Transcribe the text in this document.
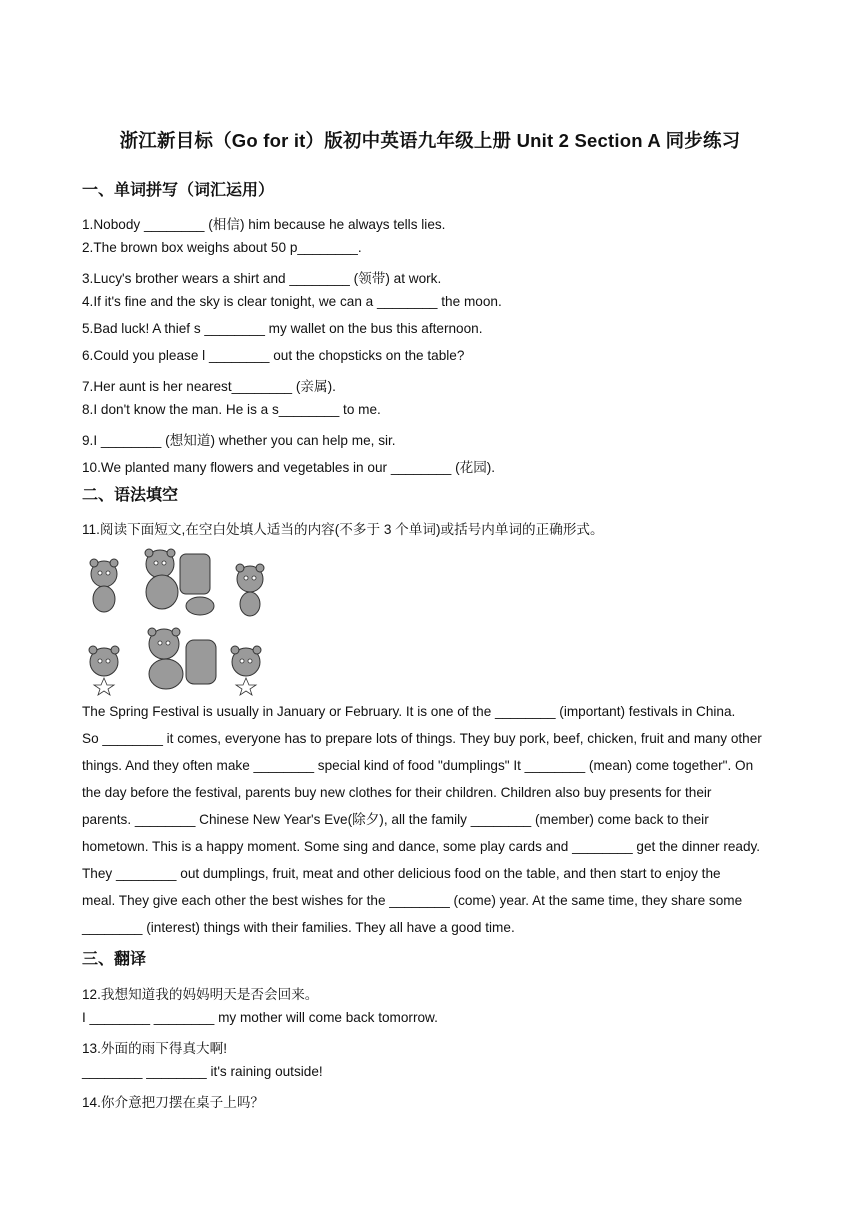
浙江新目标（Go for it）版初中英语九年级上册 Unit 2 Section A 同步练习
一、单词拼写（词汇运用）
1.Nobody ________ (相信) him because he always tells lies.
2.The brown box weighs about 50 p________.
3.Lucy's brother wears a shirt and ________ (领带) at work.
4.If it's fine and the sky is clear tonight, we can a ________ the moon.
5.Bad luck! A thief s ________ my wallet on the bus this afternoon.
6.Could you please l ________ out the chopsticks on the table?
7.Her aunt is her nearest________ (亲属).
8.I don't know the man. He is a s________ to me.
9.I ________ (想知道) whether you can help me, sir.
10.We planted many flowers and vegetables in our ________ (花园).
二、语法填空
11.阅读下面短文,在空白处填人适当的内容(不多于 3 个单词)或括号内单词的正确形式。
The Spring Festival is usually in January or February. It is one of the ________ (important) festivals in China.
So ________ it comes, everyone has to prepare lots of things. They buy pork, beef, chicken, fruit and many other
things. And they often make ________ special kind of food "dumplings" It ________ (mean) come together". On
the day before the festival, parents buy new clothes for their children. Children also buy presents for their
parents. ________ Chinese New Year's Eve(除夕), all the family ________ (member) come back to their
hometown. This is a happy moment. Some sing and dance, some play cards and ________ get the dinner ready.
They ________ out dumplings, fruit, meat and other delicious food on the table, and then start to enjoy the
meal. They give each other the best wishes for the ________ (come) year. At the same time, they share some
________ (interest) things with their families. They all have a good time.
三、翻译
12.我想知道我的妈妈明天是否会回来。
I ________ ________ my mother will come back tomorrow.
13.外面的雨下得真大啊!
________ ________ it's raining outside!
14.你介意把刀摆在桌子上吗？
